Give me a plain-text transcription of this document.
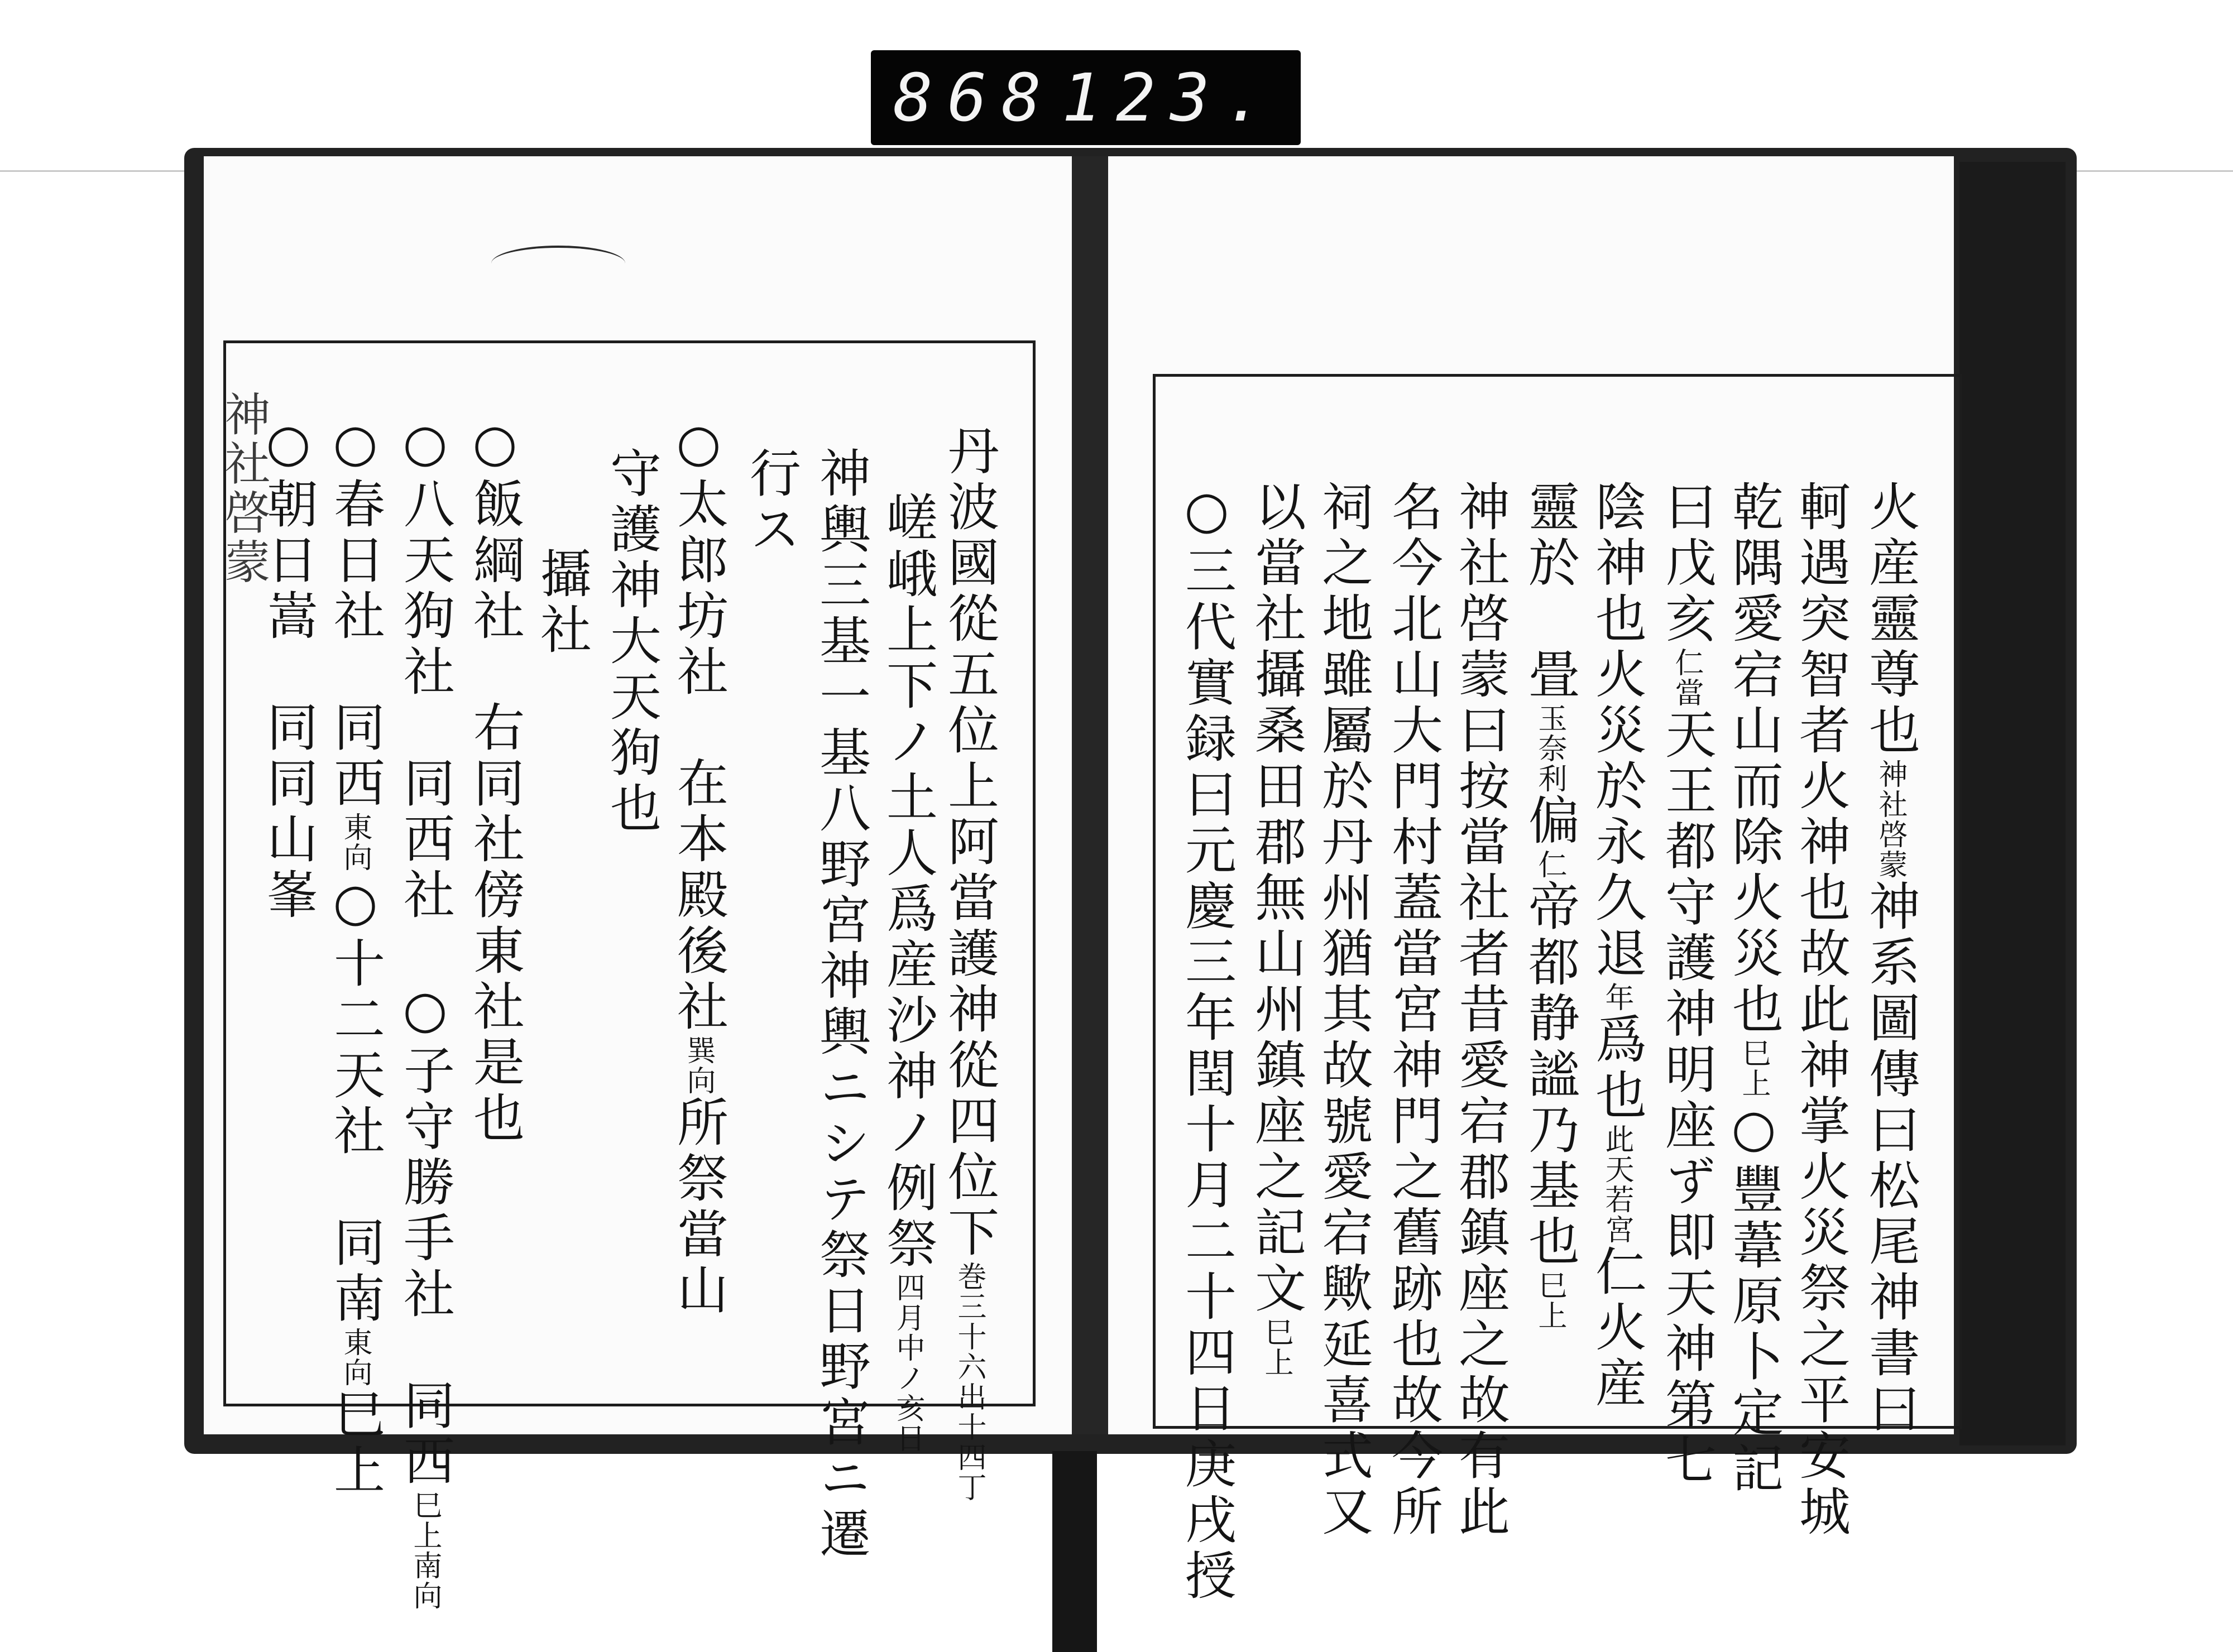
868 123.
神社啓蒙	丹波國從五位上阿當護神從四位下巻三十六出十四丁
嵯峨上下ノ土人爲産沙神ノ例祭四月中ノ亥日
神輿三基一基八野宮神輿ニシテ祭日野宮ニ遷
行ス
○太郎坊社　在本殿後社巽向所祭當山
守護神大天狗也
　攝社
○飯綱社　右同社傍東社是也
○八天狗社　同西社　○子守勝手社　同西巳上南向
○春日社　同西東向○十二天社　同南東向巳上
○朝日嵩　同同山峯	火産靈尊也神社啓蒙神系圖傳曰松尾神書曰
軻遇突智者火神也故此神掌火災祭之平安城
乾隅愛宕山而除火災也巳上○豐葦原卜定記
曰戊亥仁當天王都守護神明座ず即天神第七
陰神也火災於永久退年爲也此天若宮仁火産
靈於　畳玉奈利偏仁帝都静謐乃基也巳上
神社啓蒙曰按當社者昔愛宕郡鎮座之故有此
名今北山大門村蓋當宮神門之舊跡也故今所
祠之地雖屬於丹州猶其故號愛宕歟延喜式又
以當社攝桑田郡無山州鎮座之記文巳上
○三代實録曰元慶三年閏十月二十四日庚戌授
